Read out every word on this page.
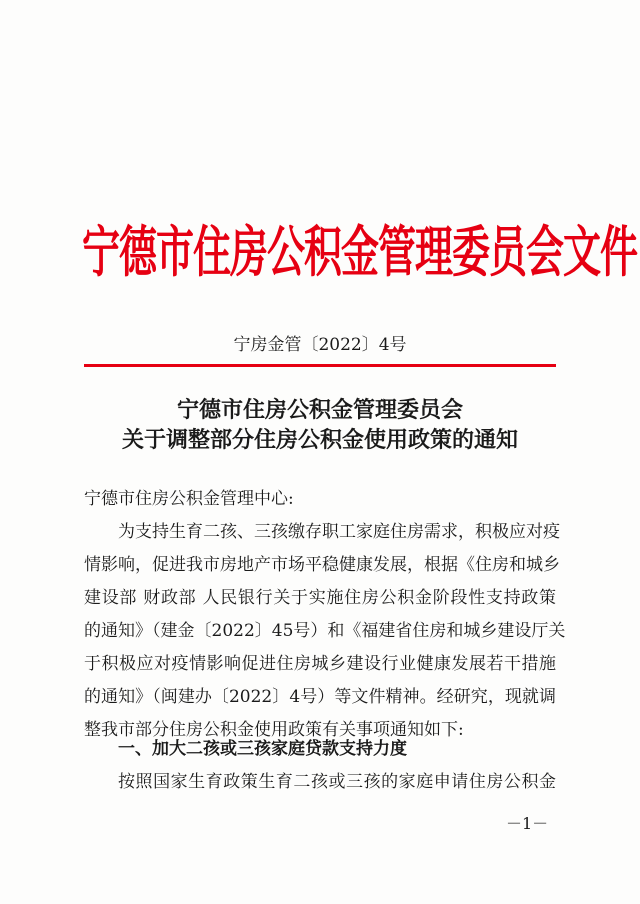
宁德市住房公积金管理委员会文件
宁房金管〔2022〕4号
宁德市住房公积金管理委员会
关于调整部分住房公积金使用政策的通知
宁德市住房公积金管理中心:
为支持生育二孩、三孩缴存职工家庭住房需求，积极应对疫
情影响，促进我市房地产市场平稳健康发展，根据《住房和城乡
建设部 财政部 人民银行关于实施住房公积金阶段性支持政策
的通知》（建金〔2022〕45号）和《福建省住房和城乡建设厅关
于积极应对疫情影响促进住房城乡建设行业健康发展若干措施
的通知》（闽建办〔2022〕4号）等文件精神。经研究，现就调
整我市部分住房公积金使用政策有关事项通知如下:
一、加大二孩或三孩家庭贷款支持力度
按照国家生育政策生育二孩或三孩的家庭申请住房公积金
－1－
